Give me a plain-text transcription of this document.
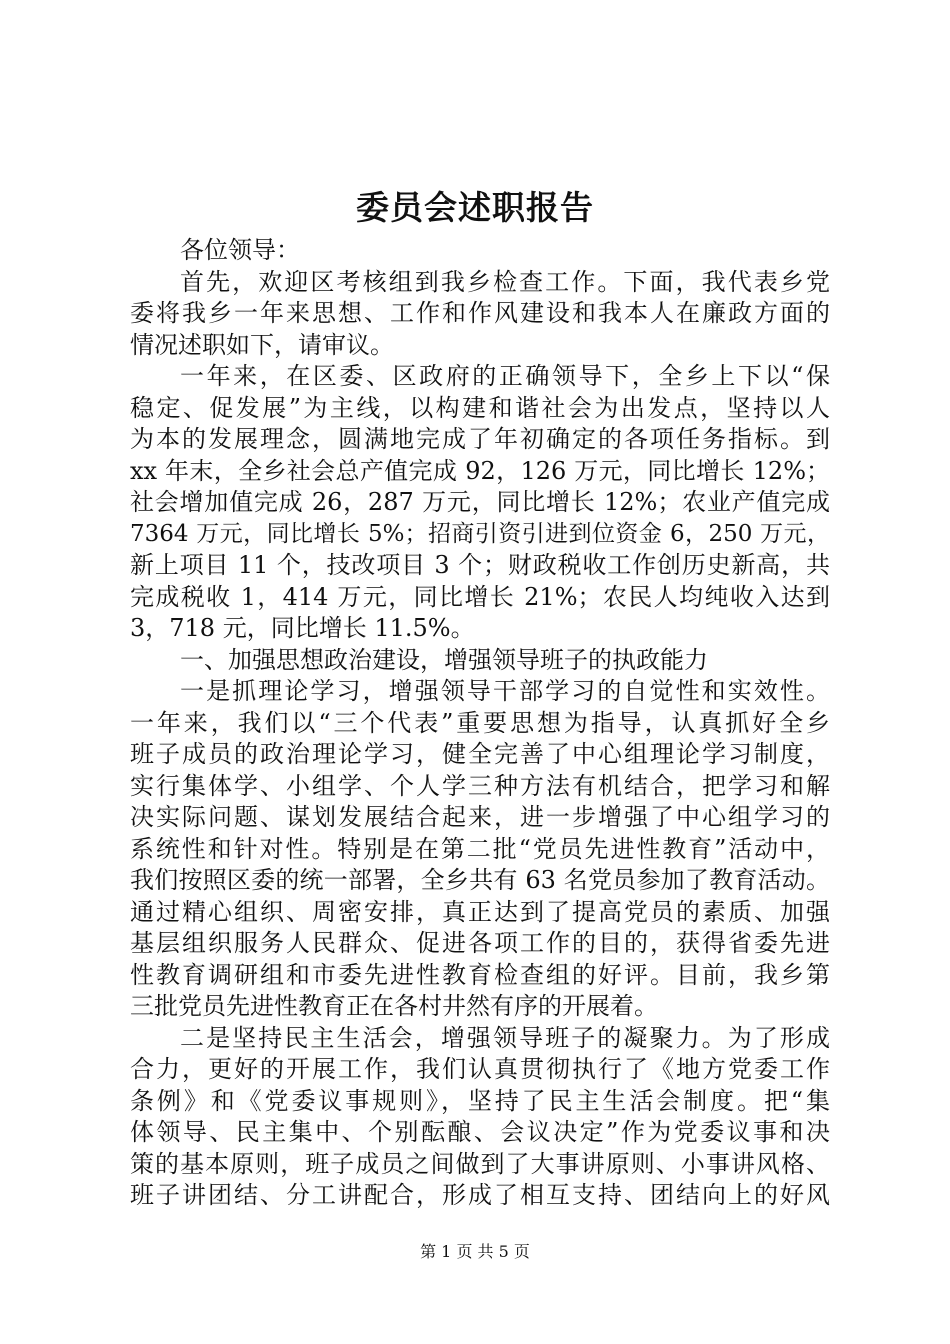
委员会述职报告
各位领导：
首先，欢迎区考核组到我乡检查工作。下面，我代表乡党
委将我乡一年来思想、工作和作风建设和我本人在廉政方面的
情况述职如下，请审议。
一年来，在区委、区政府的正确领导下，全乡上下以“保
稳定、促发展”为主线，以构建和谐社会为出发点，坚持以人
为本的发展理念，圆满地完成了年初确定的各项任务指标。到
xx 年末，全乡社会总产值完成 92，126 万元，同比增长 12%；
社会增加值完成 26，287 万元，同比增长 12%；农业产值完成
7364 万元，同比增长 5%；招商引资引进到位资金 6，250 万元，
新上项目 11 个，技改项目 3 个；财政税收工作创历史新高，共
完成税收 1，414 万元，同比增长 21%；农民人均纯收入达到
3，718 元，同比增长 11.5%。
一、加强思想政治建设，增强领导班子的执政能力
一是抓理论学习，增强领导干部学习的自觉性和实效性。
一年来，我们以“三个代表”重要思想为指导，认真抓好全乡
班子成员的政治理论学习，健全完善了中心组理论学习制度，
实行集体学、小组学、个人学三种方法有机结合，把学习和解
决实际问题、谋划发展结合起来，进一步增强了中心组学习的
系统性和针对性。特别是在第二批“党员先进性教育”活动中，
我们按照区委的统一部署，全乡共有 63 名党员参加了教育活动。
通过精心组织、周密安排，真正达到了提高党员的素质、加强
基层组织服务人民群众、促进各项工作的目的，获得省委先进
性教育调研组和市委先进性教育检查组的好评。目前，我乡第
三批党员先进性教育正在各村井然有序的开展着。
二是坚持民主生活会，增强领导班子的凝聚力。为了形成
合力，更好的开展工作，我们认真贯彻执行了《地方党委工作
条例》和《党委议事规则》，坚持了民主生活会制度。把“集
体领导、民主集中、个别酝酿、会议决定”作为党委议事和决
策的基本原则，班子成员之间做到了大事讲原则、小事讲风格、
班子讲团结、分工讲配合，形成了相互支持、团结向上的好风
第 1 页 共 5 页
